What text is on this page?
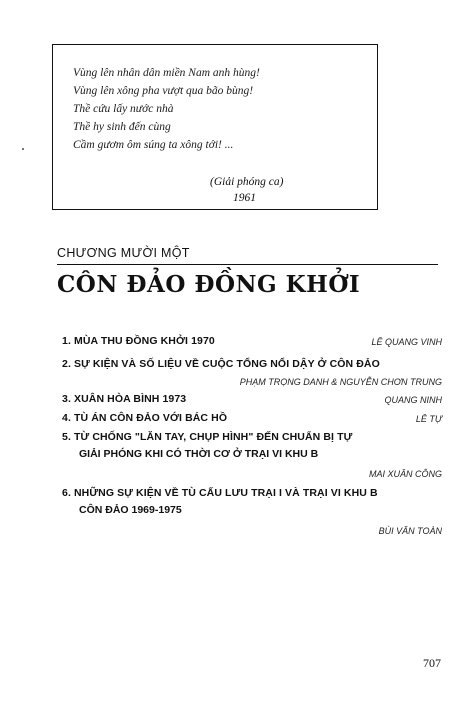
Vùng lên nhân dân miền Nam anh hùng!
Vùng lên xông pha vượt qua bão bùng!
Thề cứu lấy nước nhà
Thề hy sinh đến cùng
Cầm gươm ôm súng ta xông tới! ...
(Giải phóng ca)
1961
CHƯƠNG MƯỜI MỘT
CÔN ĐẢO ĐỒNG KHỞI
1. MÙA THU ĐỒNG KHỞI 1970	LÊ QUANG VINH
2. SỰ KIỆN VÀ SỐ LIỆU VỀ CUỘC TỔNG NỔI DẬY Ở CÔN ĐẢO
PHẠM TRỌNG DANH & NGUYỄN CHƠN TRUNG
3. XUÂN HÒA BÌNH 1973	QUANG NINH
4. TÙ ÁN CÔN ĐẢO VỚI BÁC HỒ	LÊ TỰ
5. TỪ CHỐNG "LĂN TAY, CHỤP HÌNH" ĐẾN CHUẨN BỊ TỰ
GIẢI PHÓNG KHI CÓ THỜI CƠ Ở TRẠI VI KHU B
MAI XUÂN CÔNG
6. NHỮNG SỰ KIỆN VỀ TÙ CẤU LƯU TRẠI I VÀ TRẠI VI KHU B
CÔN ĐẢO 1969-1975
BÙI VĂN TOÀN
707
